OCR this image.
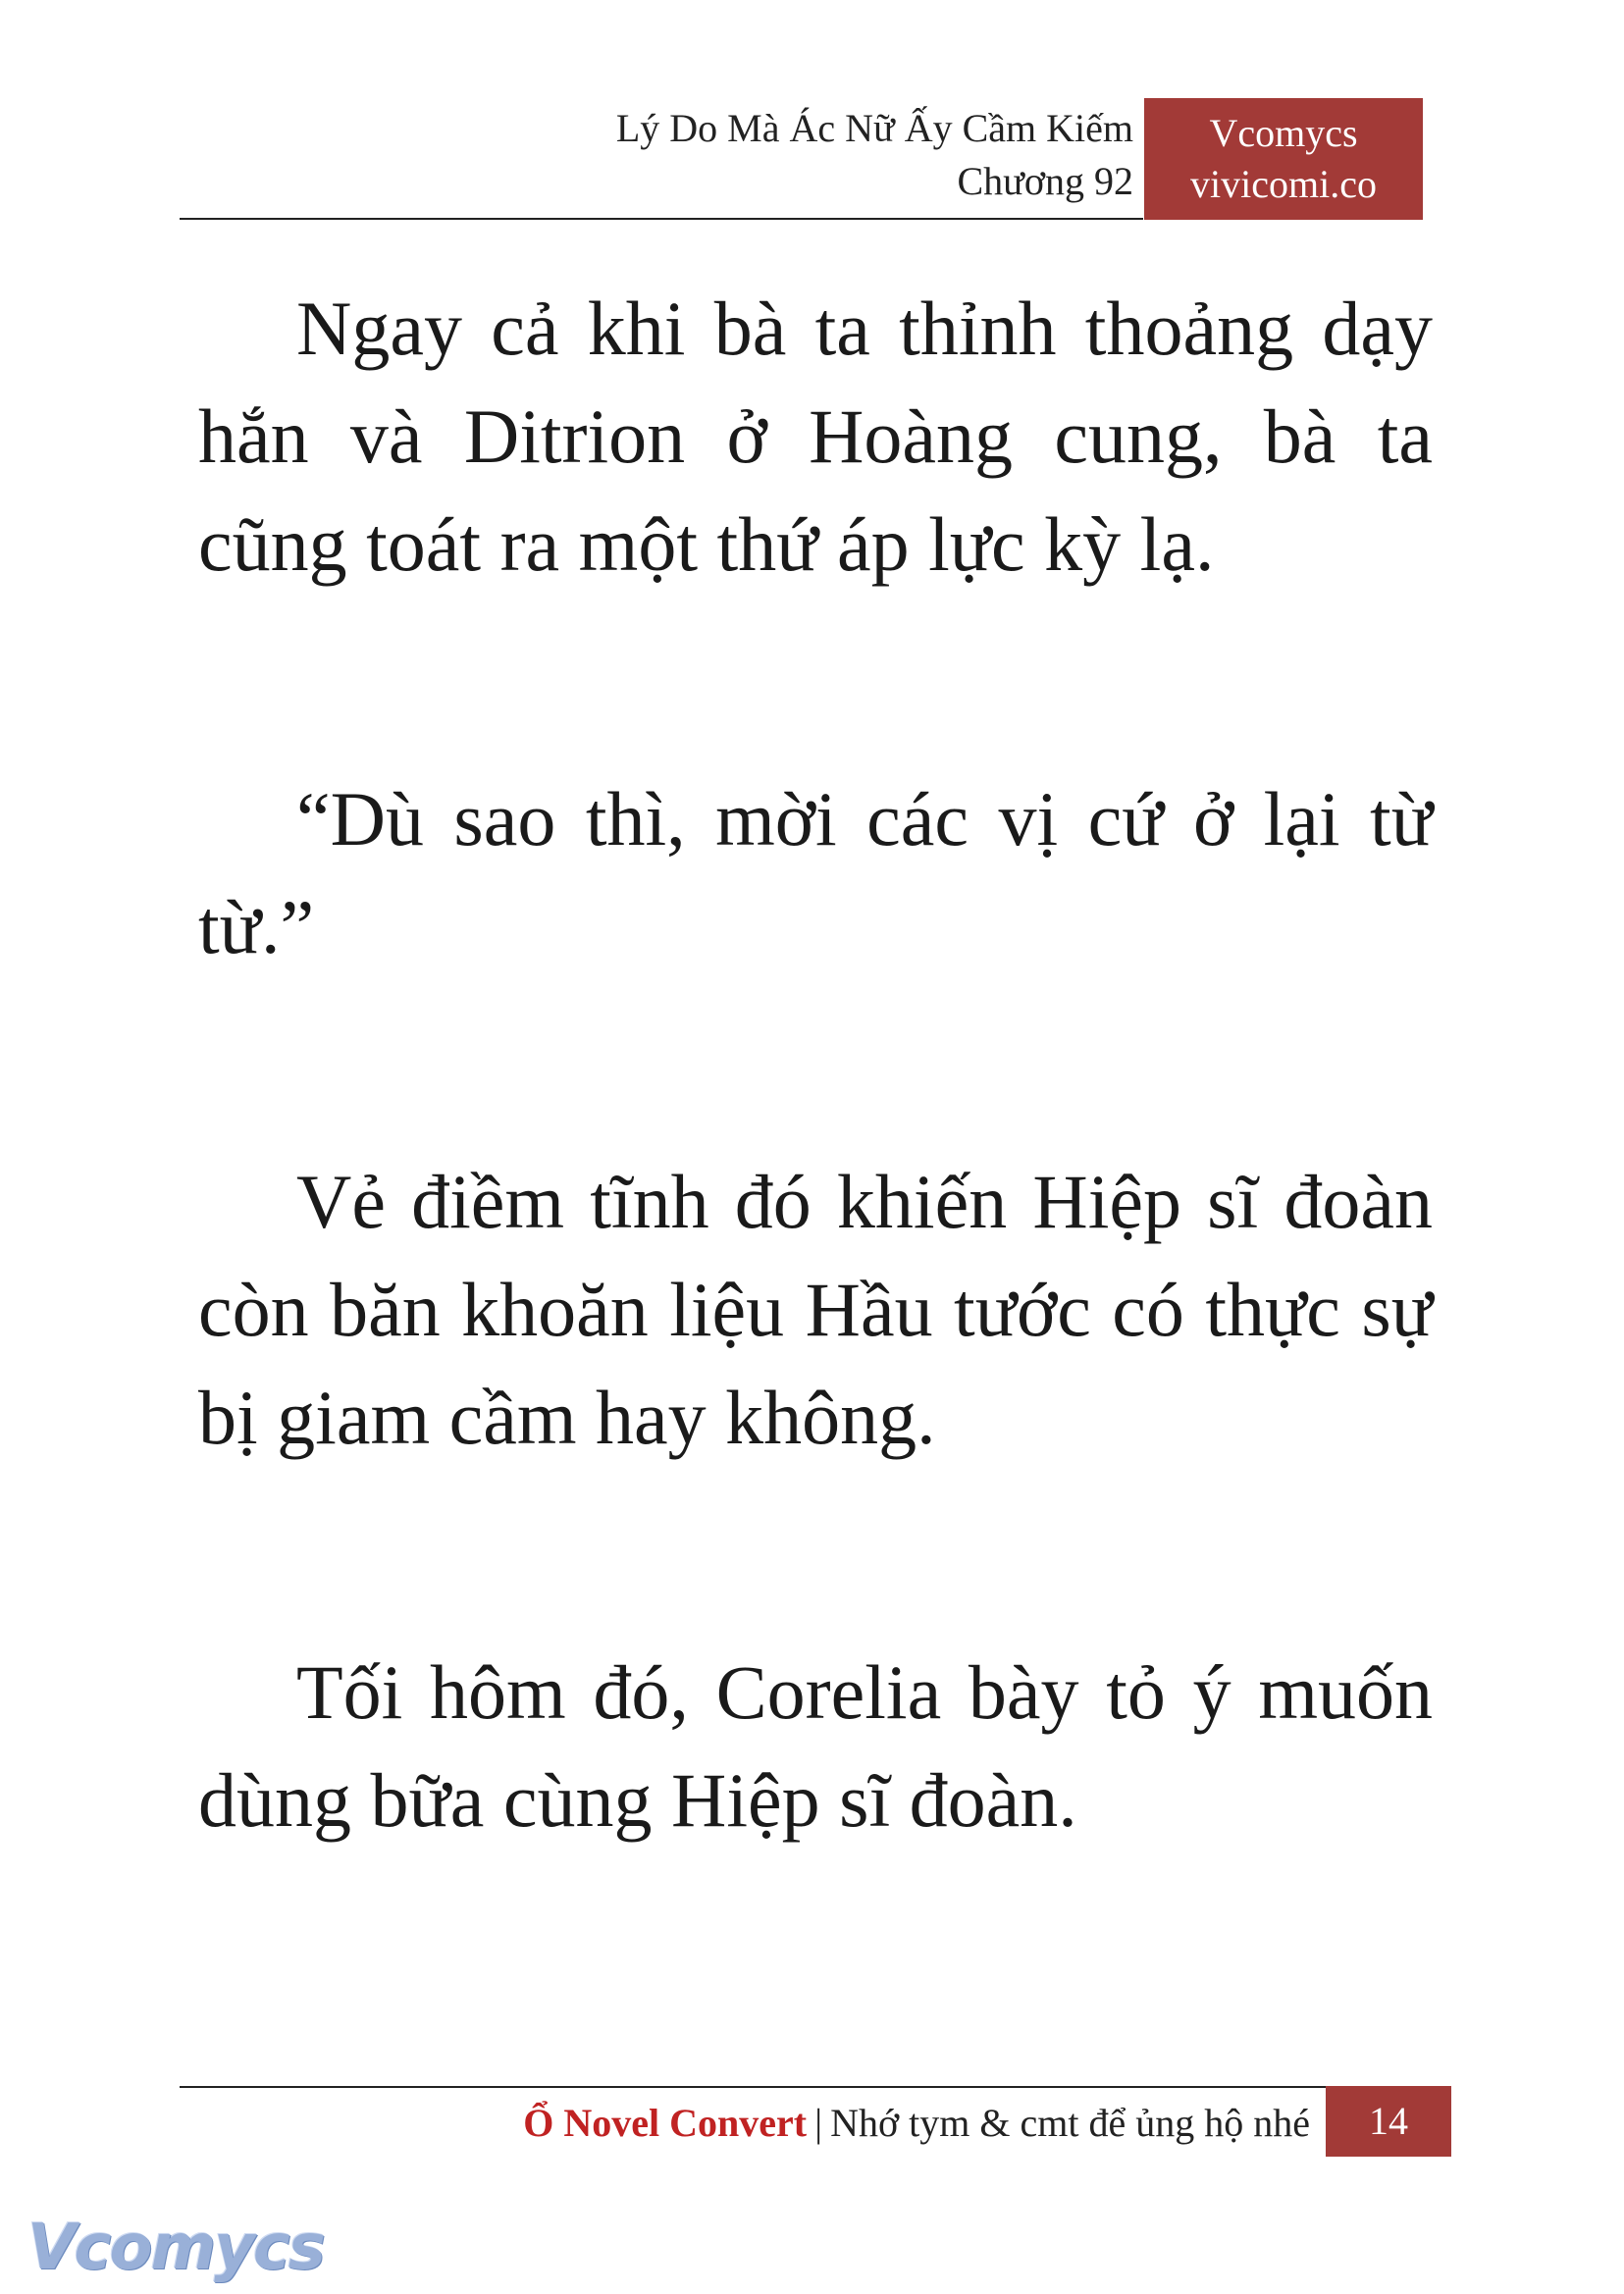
Lý Do Mà Ác Nữ Ấy Cầm Kiếm
Chương 92
Vcomycs
vivicomi.co

Ngay cả khi bà ta thỉnh thoảng dạy hắn và Ditrion ở Hoàng cung, bà ta cũng toát ra một thứ áp lực kỳ lạ.

“Dù sao thì, mời các vị cứ ở lại từ từ.”

Vẻ điềm tĩnh đó khiến Hiệp sĩ đoàn còn băn khoăn liệu Hầu tước có thực sự bị giam cầm hay không.

Tối hôm đó, Corelia bày tỏ ý muốn dùng bữa cùng Hiệp sĩ đoàn.

Ổ Novel Convert | Nhớ tym & cmt để ủng hộ nhé	14
Vcomycs
